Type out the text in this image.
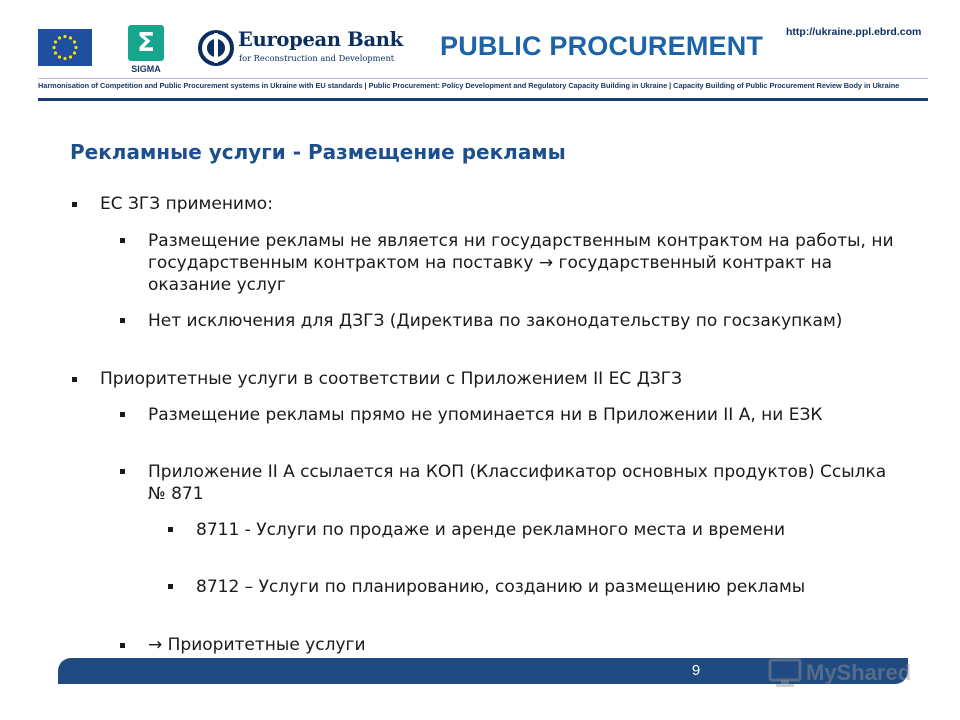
Σ
SIGMA
European Bank
for Reconstruction and Development PUBLIC PROCUREMENT http://ukraine.ppl.ebrd.com
Harmonisation of Competition and Public Procurement systems in Ukraine with EU standards | Public Procurement: Policy Development and Regulatory Capacity Building in Ukraine | Capacity Building of Public Procurement Review Body in Ukraine
Рекламные услуги - Размещение рекламы
ЕС ЗГЗ применимо:
Размещение рекламы не является ни государственным контрактом на работы, ни государственным контрактом на поставку → государственный контракт на оказание услуг
Нет исключения для ДЗГЗ (Директива по законодательству по госзакупкам)
Приоритетные услуги в соответствии с Приложением II ЕС ДЗГЗ
Размещение рекламы прямо не упоминается ни в Приложении II А, ни ЕЗК
Приложение II А ссылается на КОП (Классификатор основных продуктов) Ссылка № 871
8711 - Услуги по продаже и аренде рекламного места и времени
8712 – Услуги по планированию, созданию и размещению рекламы
→ Приоритетные услуги
9	MyShared
